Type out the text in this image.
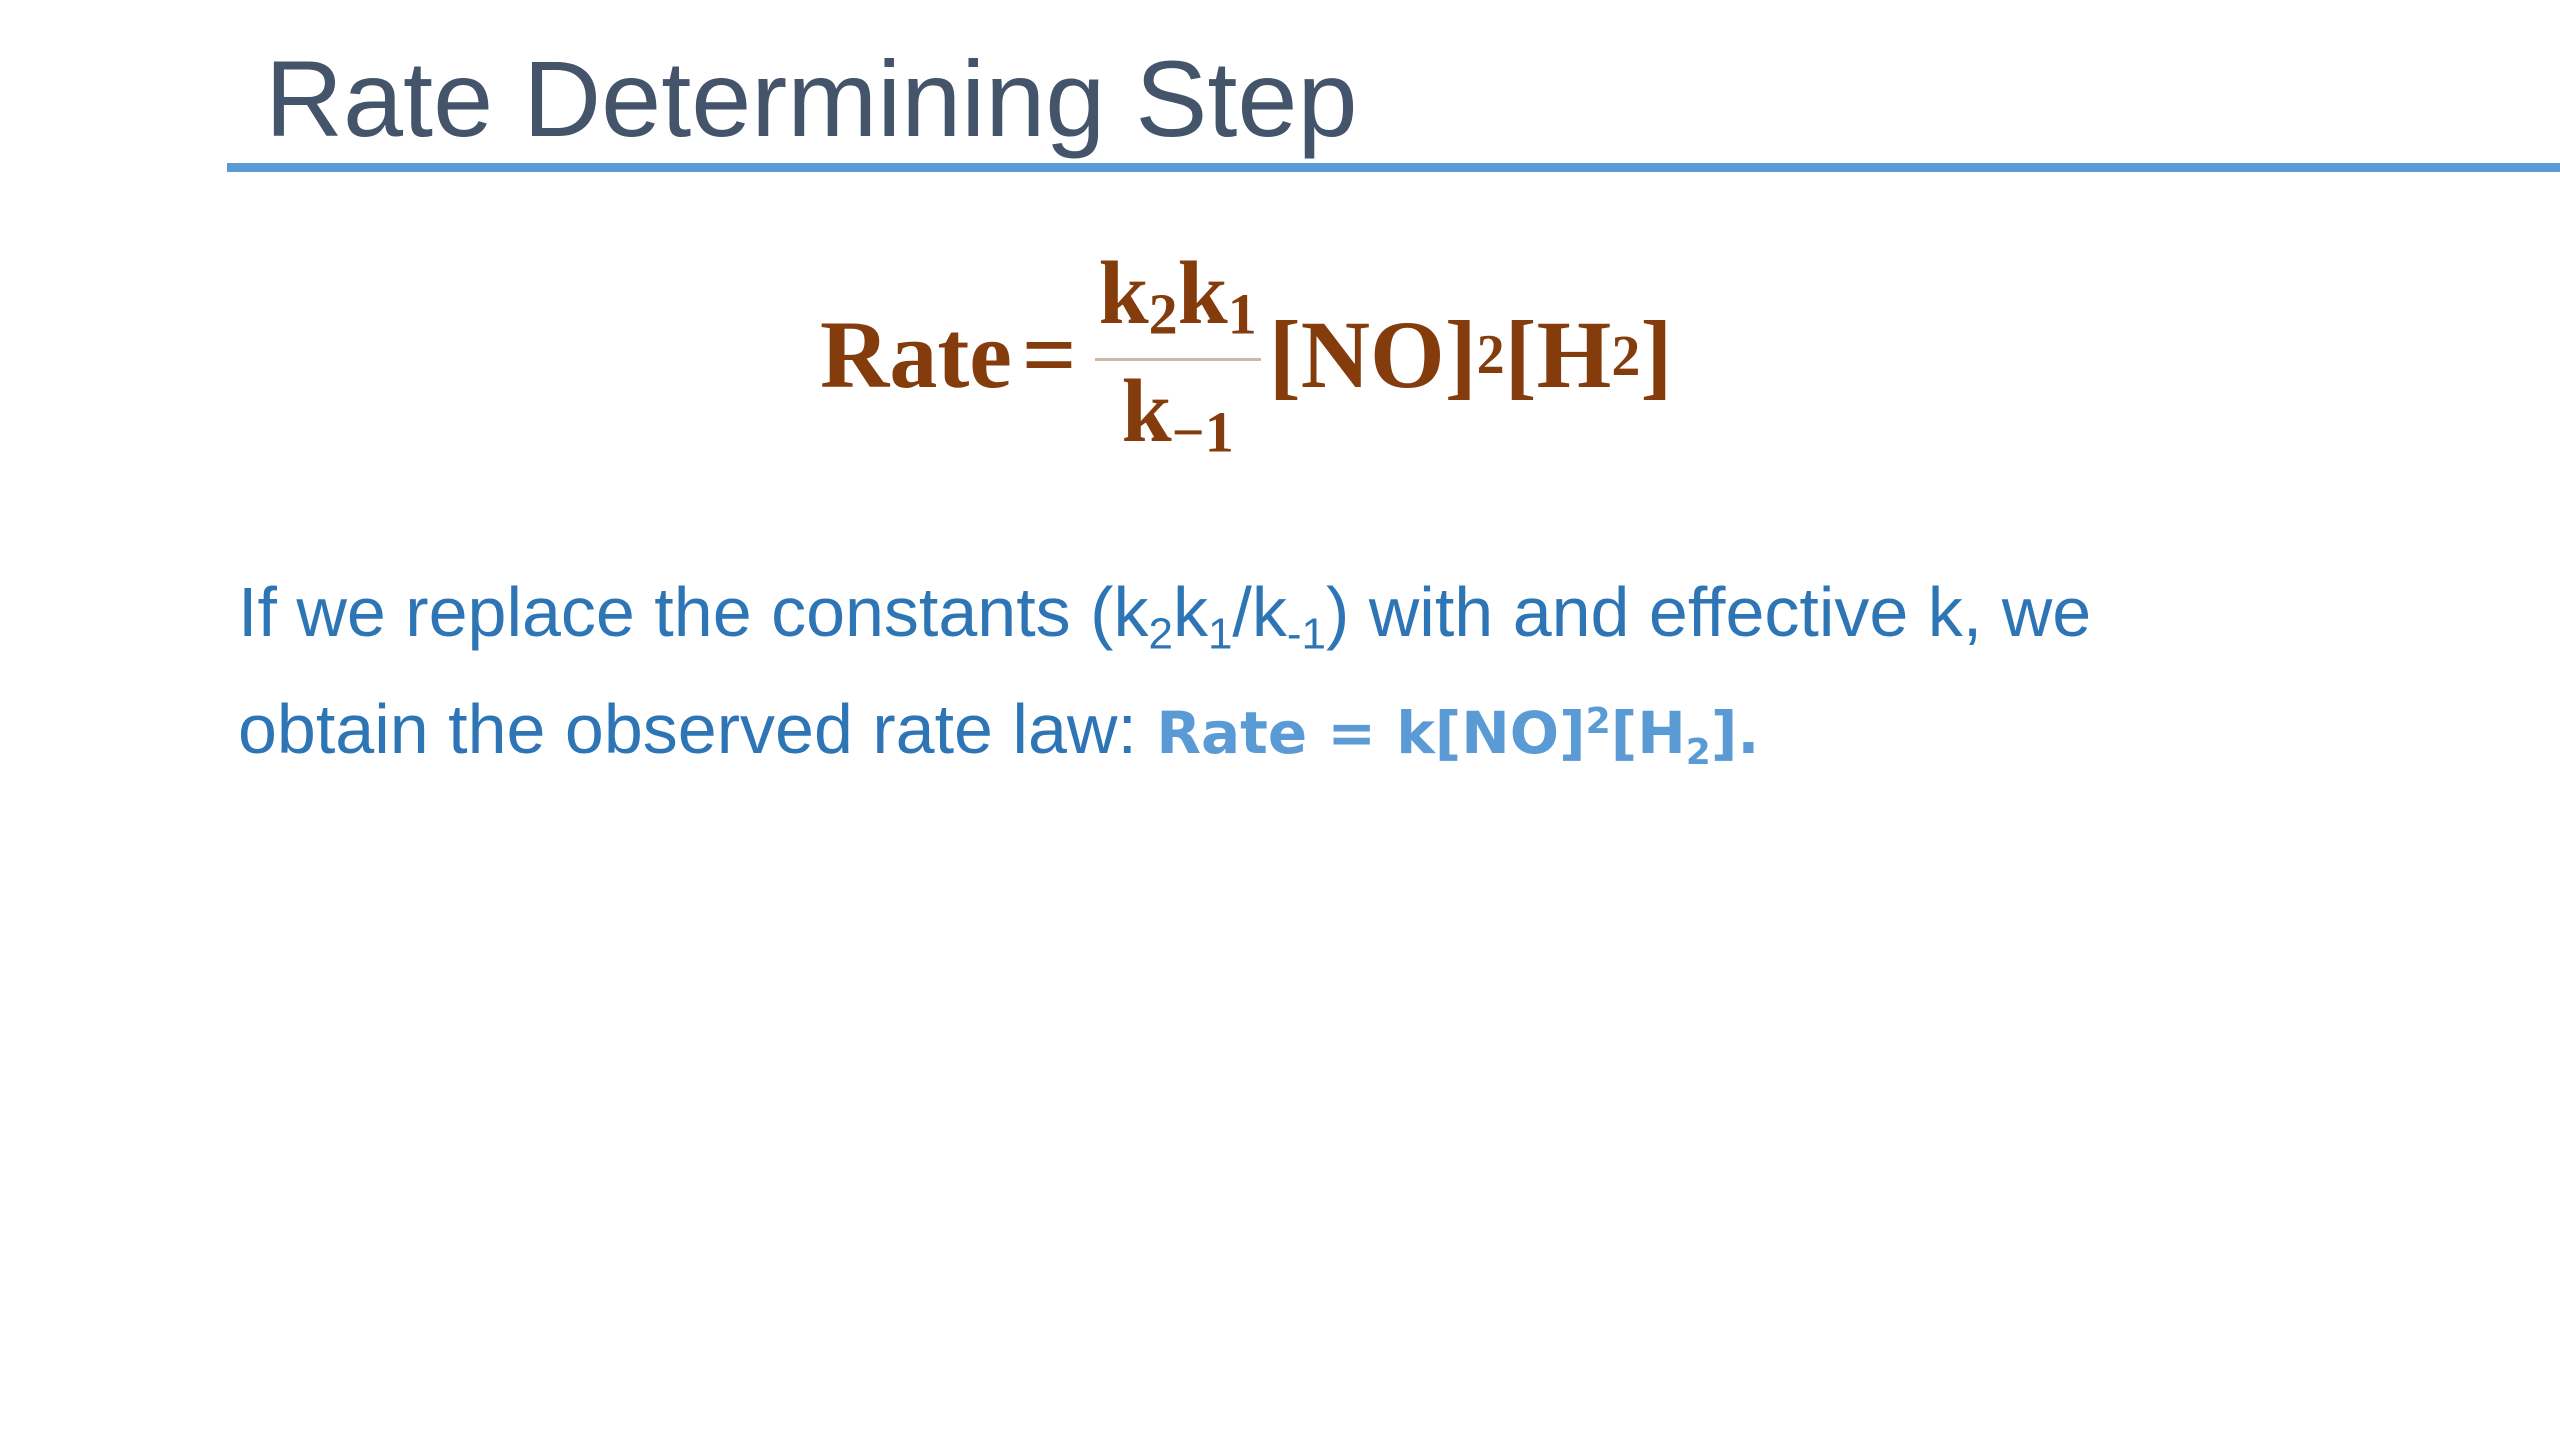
Rate Determining Step
Rate = $\frac{k2k1}{k-1} [NO]$ 2 [H 2 ]
If we replace the constants (k2k1/k-1) with and effective k, we
obtain the observed rate law: Rate = k[NO]$^2$[H2].
